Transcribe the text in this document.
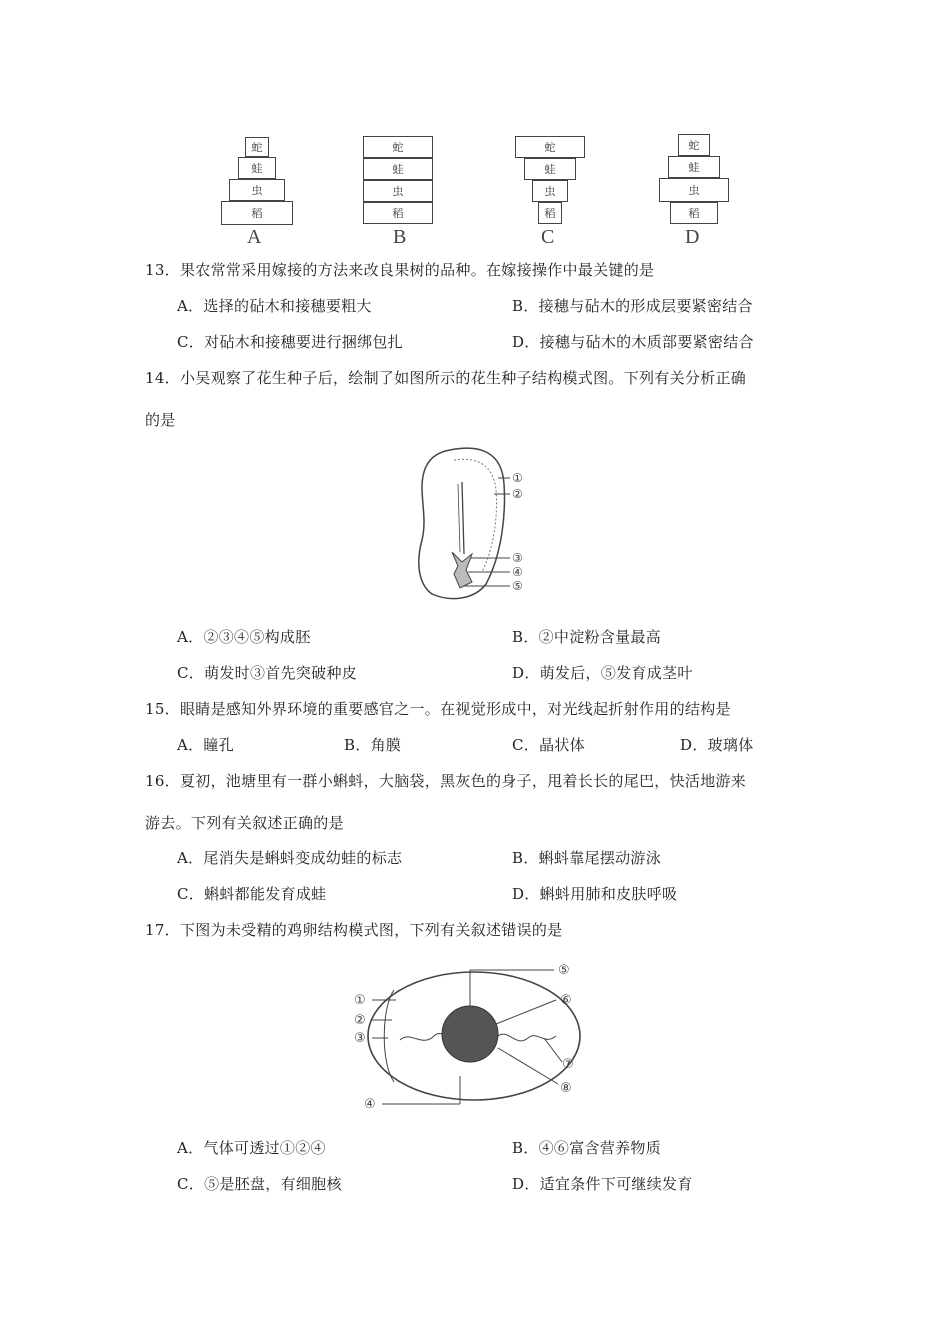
蛇
蛙
虫
稻
A
蛇
蛙
虫
稻
B
蛇
蛙
虫
稻
C
蛇
蛙
虫
稻
D
13．果农常常采用嫁接的方法来改良果树的品种。在嫁接操作中最关键的是
A．选择的砧木和接穗要粗大	B．接穗与砧木的形成层要紧密结合
C．对砧木和接穗要进行捆绑包扎	D．接穗与砧木的木质部要紧密结合
14．小吴观察了花生种子后，绘制了如图所示的花生种子结构模式图。下列有关分析正确
的是
①
②
③
④
⑤
A．②③④⑤构成胚	B．②中淀粉含量最高
C．萌发时③首先突破种皮	D．萌发后，⑤发育成茎叶
15．眼睛是感知外界环境的重要感官之一。在视觉形成中，对光线起折射作用的结构是
A．瞳孔	B．角膜	C．晶状体	D．玻璃体
16．夏初，池塘里有一群小蝌蚪，大脑袋，黑灰色的身子，甩着长长的尾巴，快活地游来
游去。下列有关叙述正确的是
A．尾消失是蝌蚪变成幼蛙的标志	B．蝌蚪靠尾摆动游泳
C．蝌蚪都能发育成蛙	D．蝌蚪用肺和皮肤呼吸
17．下图为未受精的鸡卵结构模式图，下列有关叙述错误的是
①
②
③
④
⑤
⑥
⑦
⑧
A．气体可透过①②④	B．④⑥富含营养物质
C．⑤是胚盘，有细胞核	D．适宜条件下可继续发育
